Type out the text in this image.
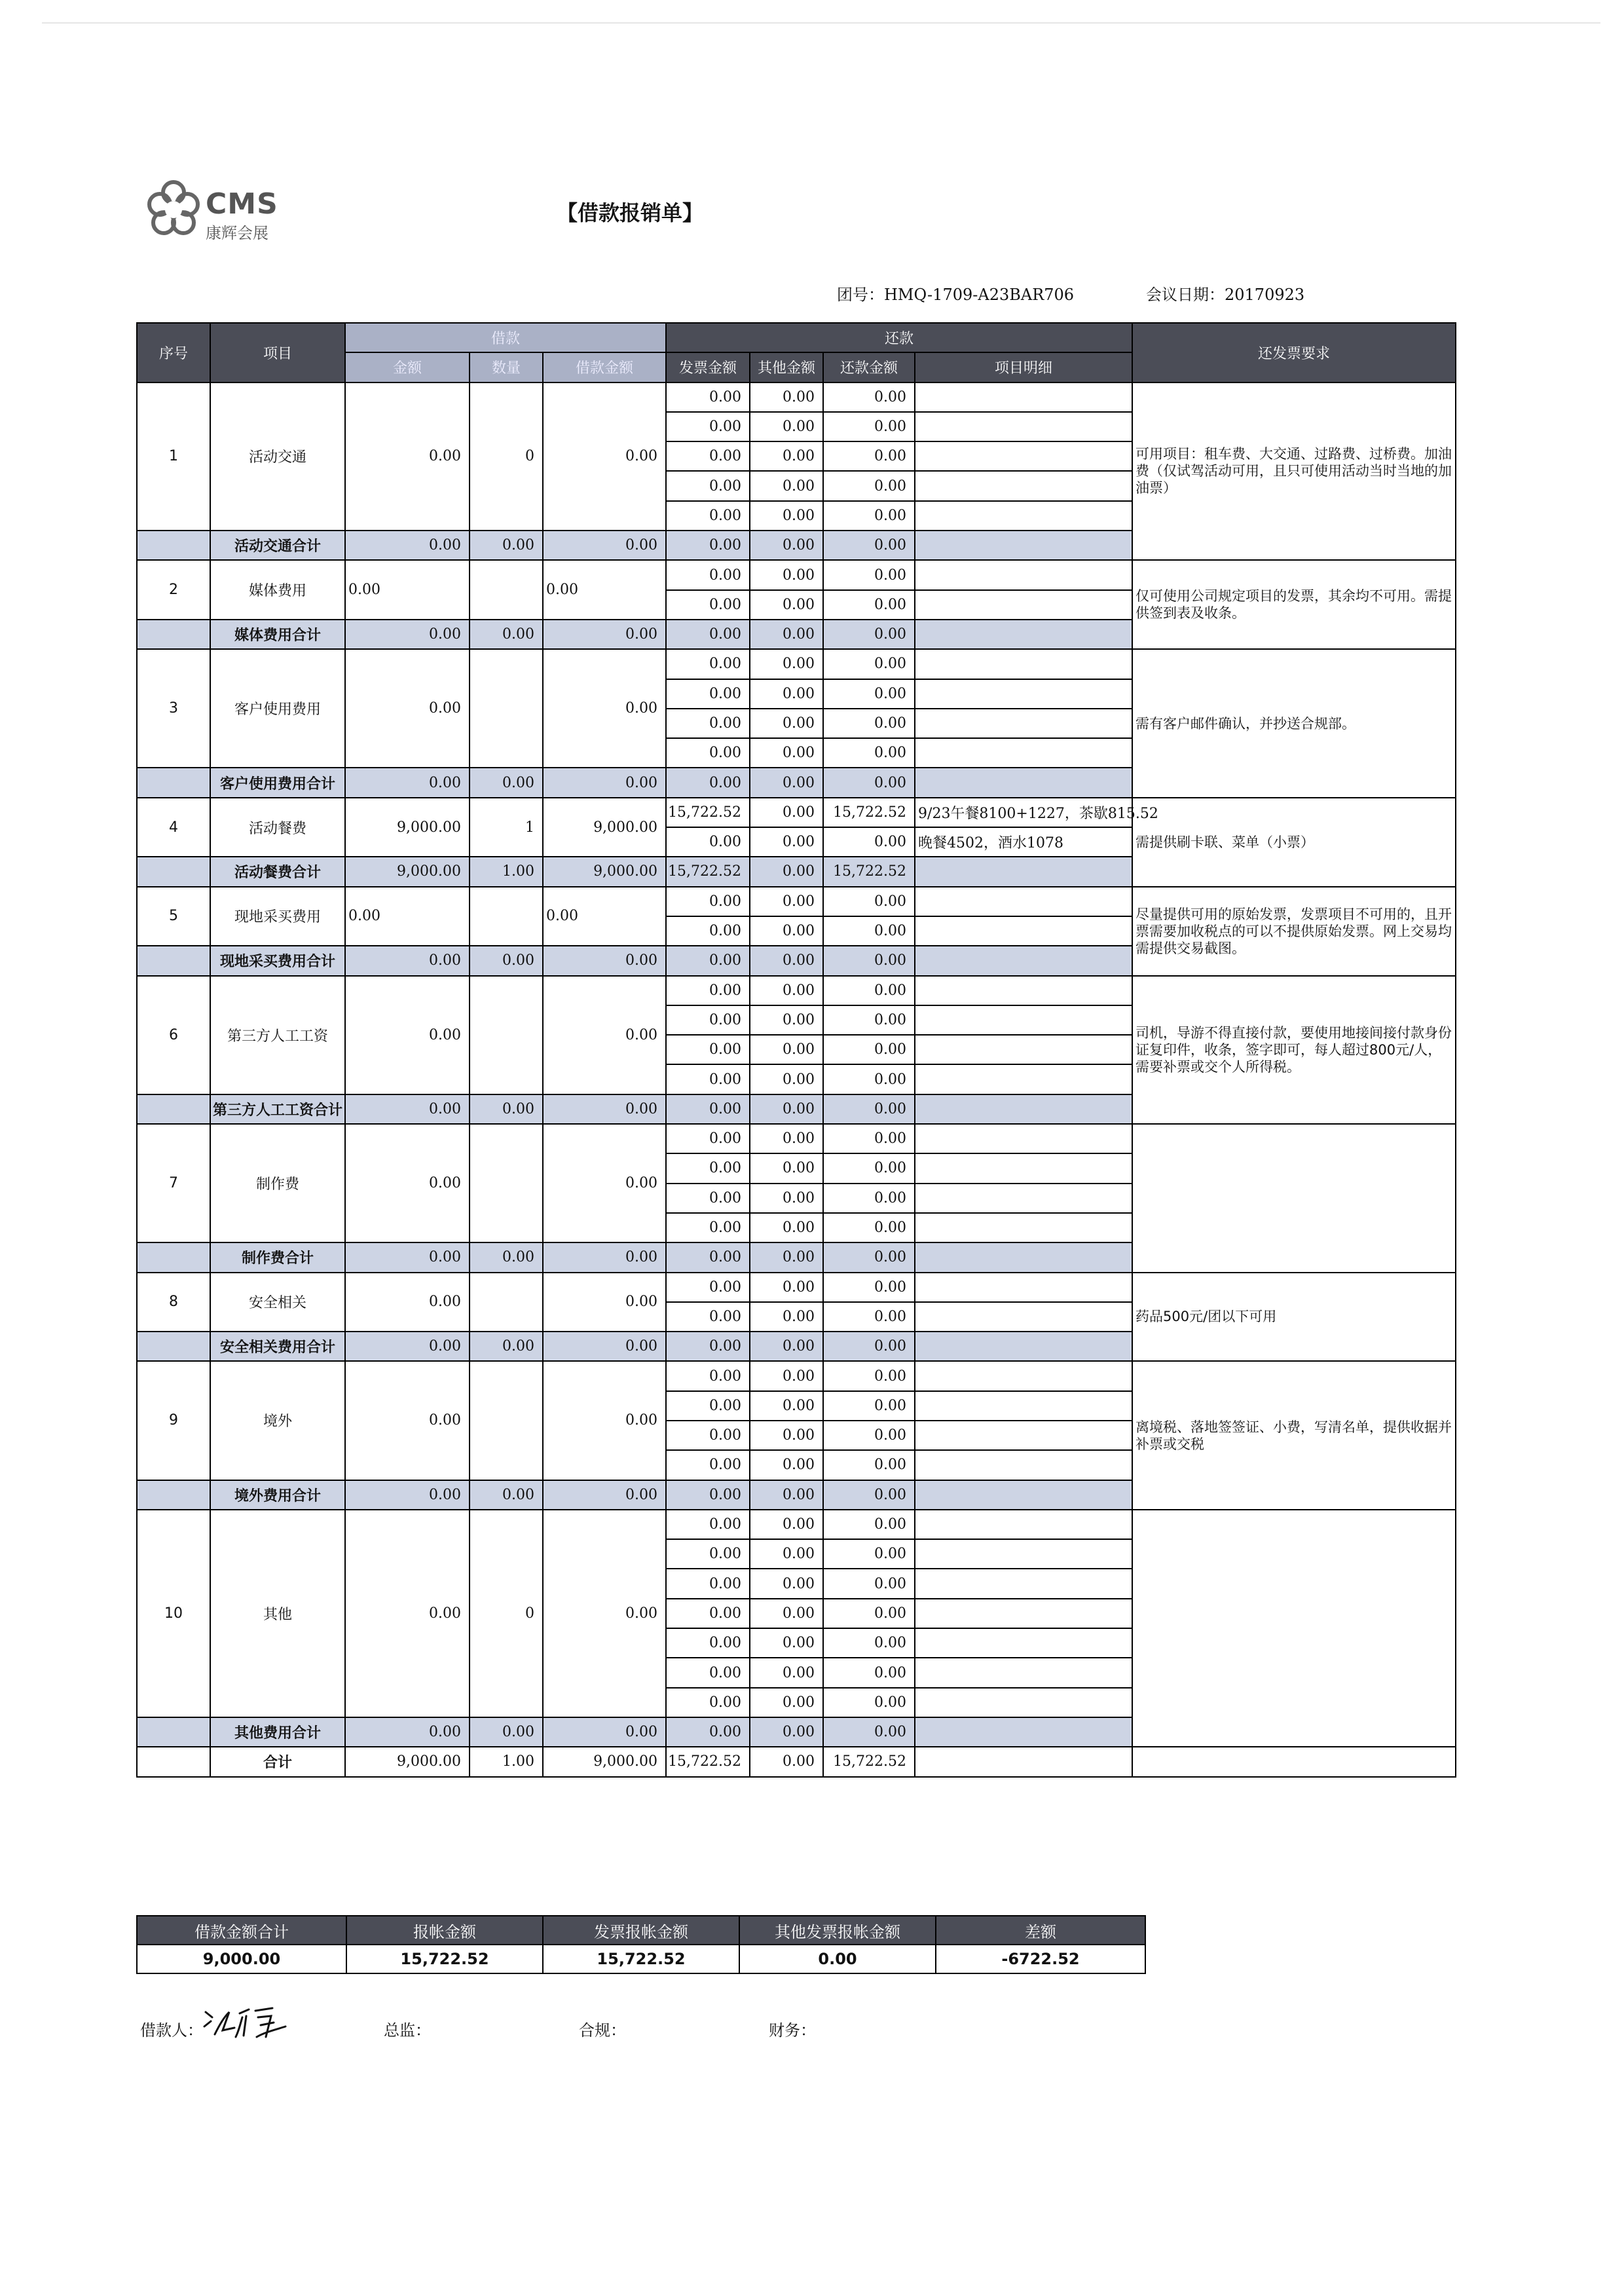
CMS
康辉会展
【借款报销单】
团号：HMQ-1709-A23BAR706	会议日期：20170923
序号	项目	借款			还款				还发票要求
		金额	数量	借款金额	发票金额	其他金额	还款金额	项目明细	
1	活动交通	0.00	0	0.00	0.00	0.00	0.00		可用项目：租车费、大交通、过路费、过桥费。加油费（仅试驾活动可用，且只可使用活动当时当地的加油票）
					0.00	0.00	0.00		
					0.00	0.00	0.00		
					0.00	0.00	0.00		
					0.00	0.00	0.00		
	活动交通合计	0.00	0.00	0.00	0.00	0.00	0.00		
2	媒体费用	0.00		0.00	0.00	0.00	0.00		仅可使用公司规定项目的发票，其余均不可用。需提供签到表及收条。
					0.00	0.00	0.00		
	媒体费用合计	0.00	0.00	0.00	0.00	0.00	0.00		
3	客户使用费用	0.00		0.00	0.00	0.00	0.00		需有客户邮件确认，并抄送合规部。
					0.00	0.00	0.00		
					0.00	0.00	0.00		
					0.00	0.00	0.00		
	客户使用费用合计	0.00	0.00	0.00	0.00	0.00	0.00		
4	活动餐费	9,000.00	1	9,000.00	15,722.52	0.00	15,722.52	9/23午餐8100+1227，茶歇815.52	需提供刷卡联、菜单（小票）
					0.00	0.00	0.00	晚餐4502，酒水1078	
	活动餐费合计	9,000.00	1.00	9,000.00	15,722.52	0.00	15,722.52		
5	现地采买费用	0.00		0.00	0.00	0.00	0.00		尽量提供可用的原始发票，发票项目不可用的，且开票需要加收税点的可以不提供原始发票。网上交易均需提供交易截图。
					0.00	0.00	0.00		
	现地采买费用合计	0.00	0.00	0.00	0.00	0.00	0.00		
6	第三方人工工资	0.00		0.00	0.00	0.00	0.00		司机，导游不得直接付款，要使用地接间接付款身份证复印件，收条，签字即可，每人超过800元/人，需要补票或交个人所得税。
					0.00	0.00	0.00		
					0.00	0.00	0.00		
					0.00	0.00	0.00		
	第三方人工工资合计	0.00	0.00	0.00	0.00	0.00	0.00		
7	制作费	0.00		0.00	0.00	0.00	0.00		
					0.00	0.00	0.00		
					0.00	0.00	0.00		
					0.00	0.00	0.00		
	制作费合计	0.00	0.00	0.00	0.00	0.00	0.00		
8	安全相关	0.00		0.00	0.00	0.00	0.00		药品500元/团以下可用
					0.00	0.00	0.00		
	安全相关费用合计	0.00	0.00	0.00	0.00	0.00	0.00		
9	境外	0.00		0.00	0.00	0.00	0.00		离境税、落地签签证、小费，写清名单，提供收据并补票或交税
					0.00	0.00	0.00		
					0.00	0.00	0.00		
					0.00	0.00	0.00		
	境外费用合计	0.00	0.00	0.00	0.00	0.00	0.00		
10	其他	0.00	0	0.00	0.00	0.00	0.00		
					0.00	0.00	0.00		
					0.00	0.00	0.00		
					0.00	0.00	0.00		
					0.00	0.00	0.00		
					0.00	0.00	0.00		
					0.00	0.00	0.00		
	其他费用合计	0.00	0.00	0.00	0.00	0.00	0.00		
	合计	9,000.00	1.00	9,000.00	15,722.52	0.00	15,722.52		
借款金额合计	报帐金额	发票报帐金额	其他发票报帐金额	差额
9,000.00	15,722.52	15,722.52	0.00	-6722.52
借款人：	总监：	合规：	财务：
